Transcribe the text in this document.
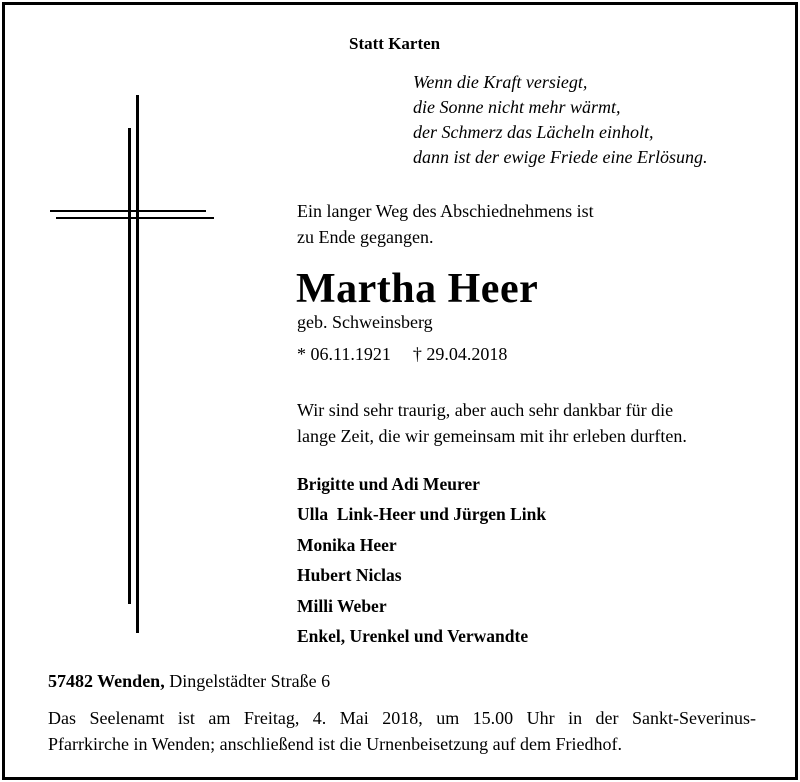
Statt Karten
Wenn die Kraft versiegt,
die Sonne nicht mehr wärmt,
der Schmerz das Lächeln einholt,
dann ist der ewige Friede eine Erlösung.
Ein langer Weg des Abschiednehmens ist
zu Ende gegangen.
Martha Heer
geb. Schweinsberg
* 06.11.1921 † 29.04.2018
Wir sind sehr traurig, aber auch sehr dankbar für die
lange Zeit, die wir gemeinsam mit ihr erleben durften.
Brigitte und Adi Meurer
Ulla  Link-Heer und Jürgen Link
Monika Heer
Hubert Niclas
Milli Weber
Enkel, Urenkel und Verwandte
57482 Wenden, Dingelstädter Straße 6
Das Seelenamt ist am Freitag, 4. Mai 2018, um 15.00 Uhr in der Sankt-Severinus-
Pfarrkirche in Wenden; anschließend ist die Urnenbeisetzung auf dem Friedhof.
